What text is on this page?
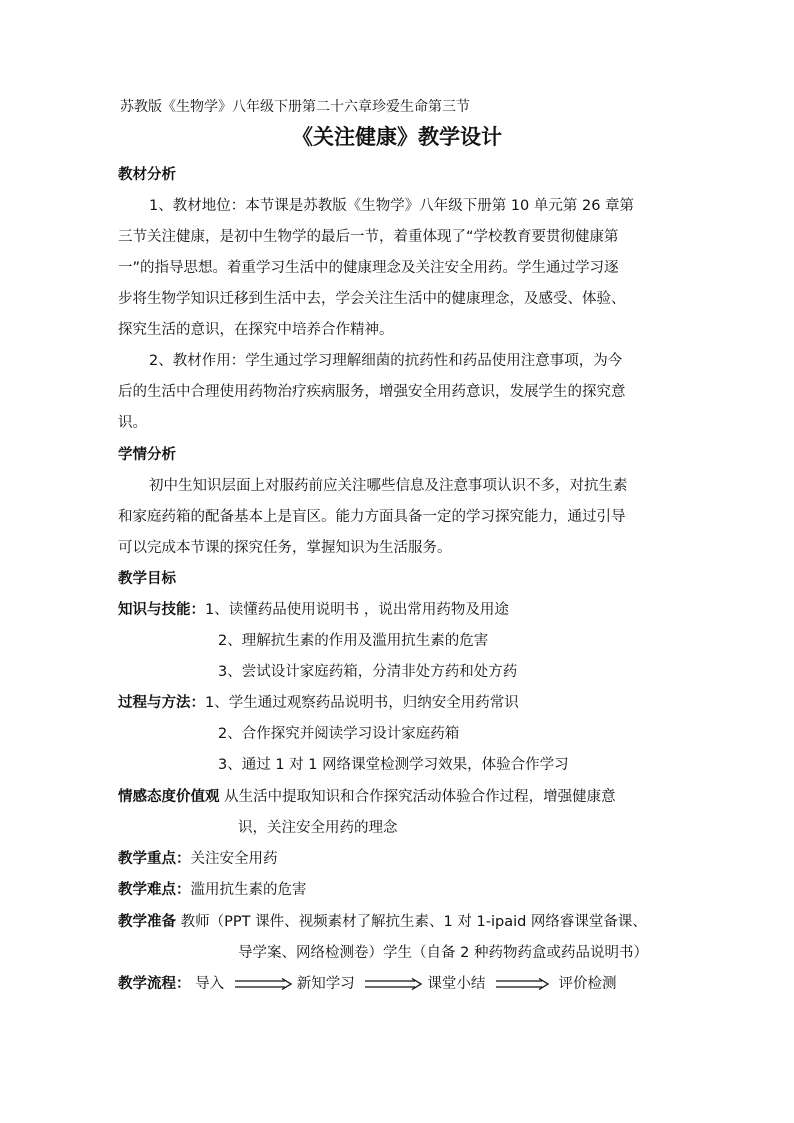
苏教版《生物学》八年级下册第二十六章珍爱生命第三节
《关注健康》教学设计
教材分析
1、教材地位：本节课是苏教版《生物学》八年级下册第 10 单元第 26 章第
三节关注健康，是初中生物学的最后一节，着重体现了“学校教育要贯彻健康第
一”的指导思想。着重学习生活中的健康理念及关注安全用药。学生通过学习逐
步将生物学知识迁移到生活中去，学会关注生活中的健康理念，及感受、体验、
探究生活的意识，在探究中培养合作精神。
2、教材作用：学生通过学习理解细菌的抗药性和药品使用注意事项，为今
后的生活中合理使用药物治疗疾病服务，增强安全用药意识，发展学生的探究意
识。
学情分析
初中生知识层面上对服药前应关注哪些信息及注意事项认识不多，对抗生素
和家庭药箱的配备基本上是盲区。能力方面具备一定的学习探究能力，通过引导
可以完成本节课的探究任务，掌握知识为生活服务。
教学目标
知识与技能：1、读懂药品使用说明书 ，说出常用药物及用途
2、理解抗生素的作用及滥用抗生素的危害
3、尝试设计家庭药箱，分清非处方药和处方药
过程与方法：1、学生通过观察药品说明书，归纳安全用药常识
2、合作探究并阅读学习设计家庭药箱
3、通过 1 对 1 网络课堂检测学习效果，体验合作学习
情感态度价值观 从生活中提取知识和合作探究活动体验合作过程，增强健康意
识，关注安全用药的理念
教学重点：关注安全用药
教学难点：滥用抗生素的危害
教学准备 教师（PPT 课件、视频素材了解抗生素、1 对 1-ipaid 网络睿课堂备课、
导学案、网络检测卷）学生（自备 2 种药物药盒或药品说明书）
教学流程： 导入	新知学习	课堂小结	评价检测
